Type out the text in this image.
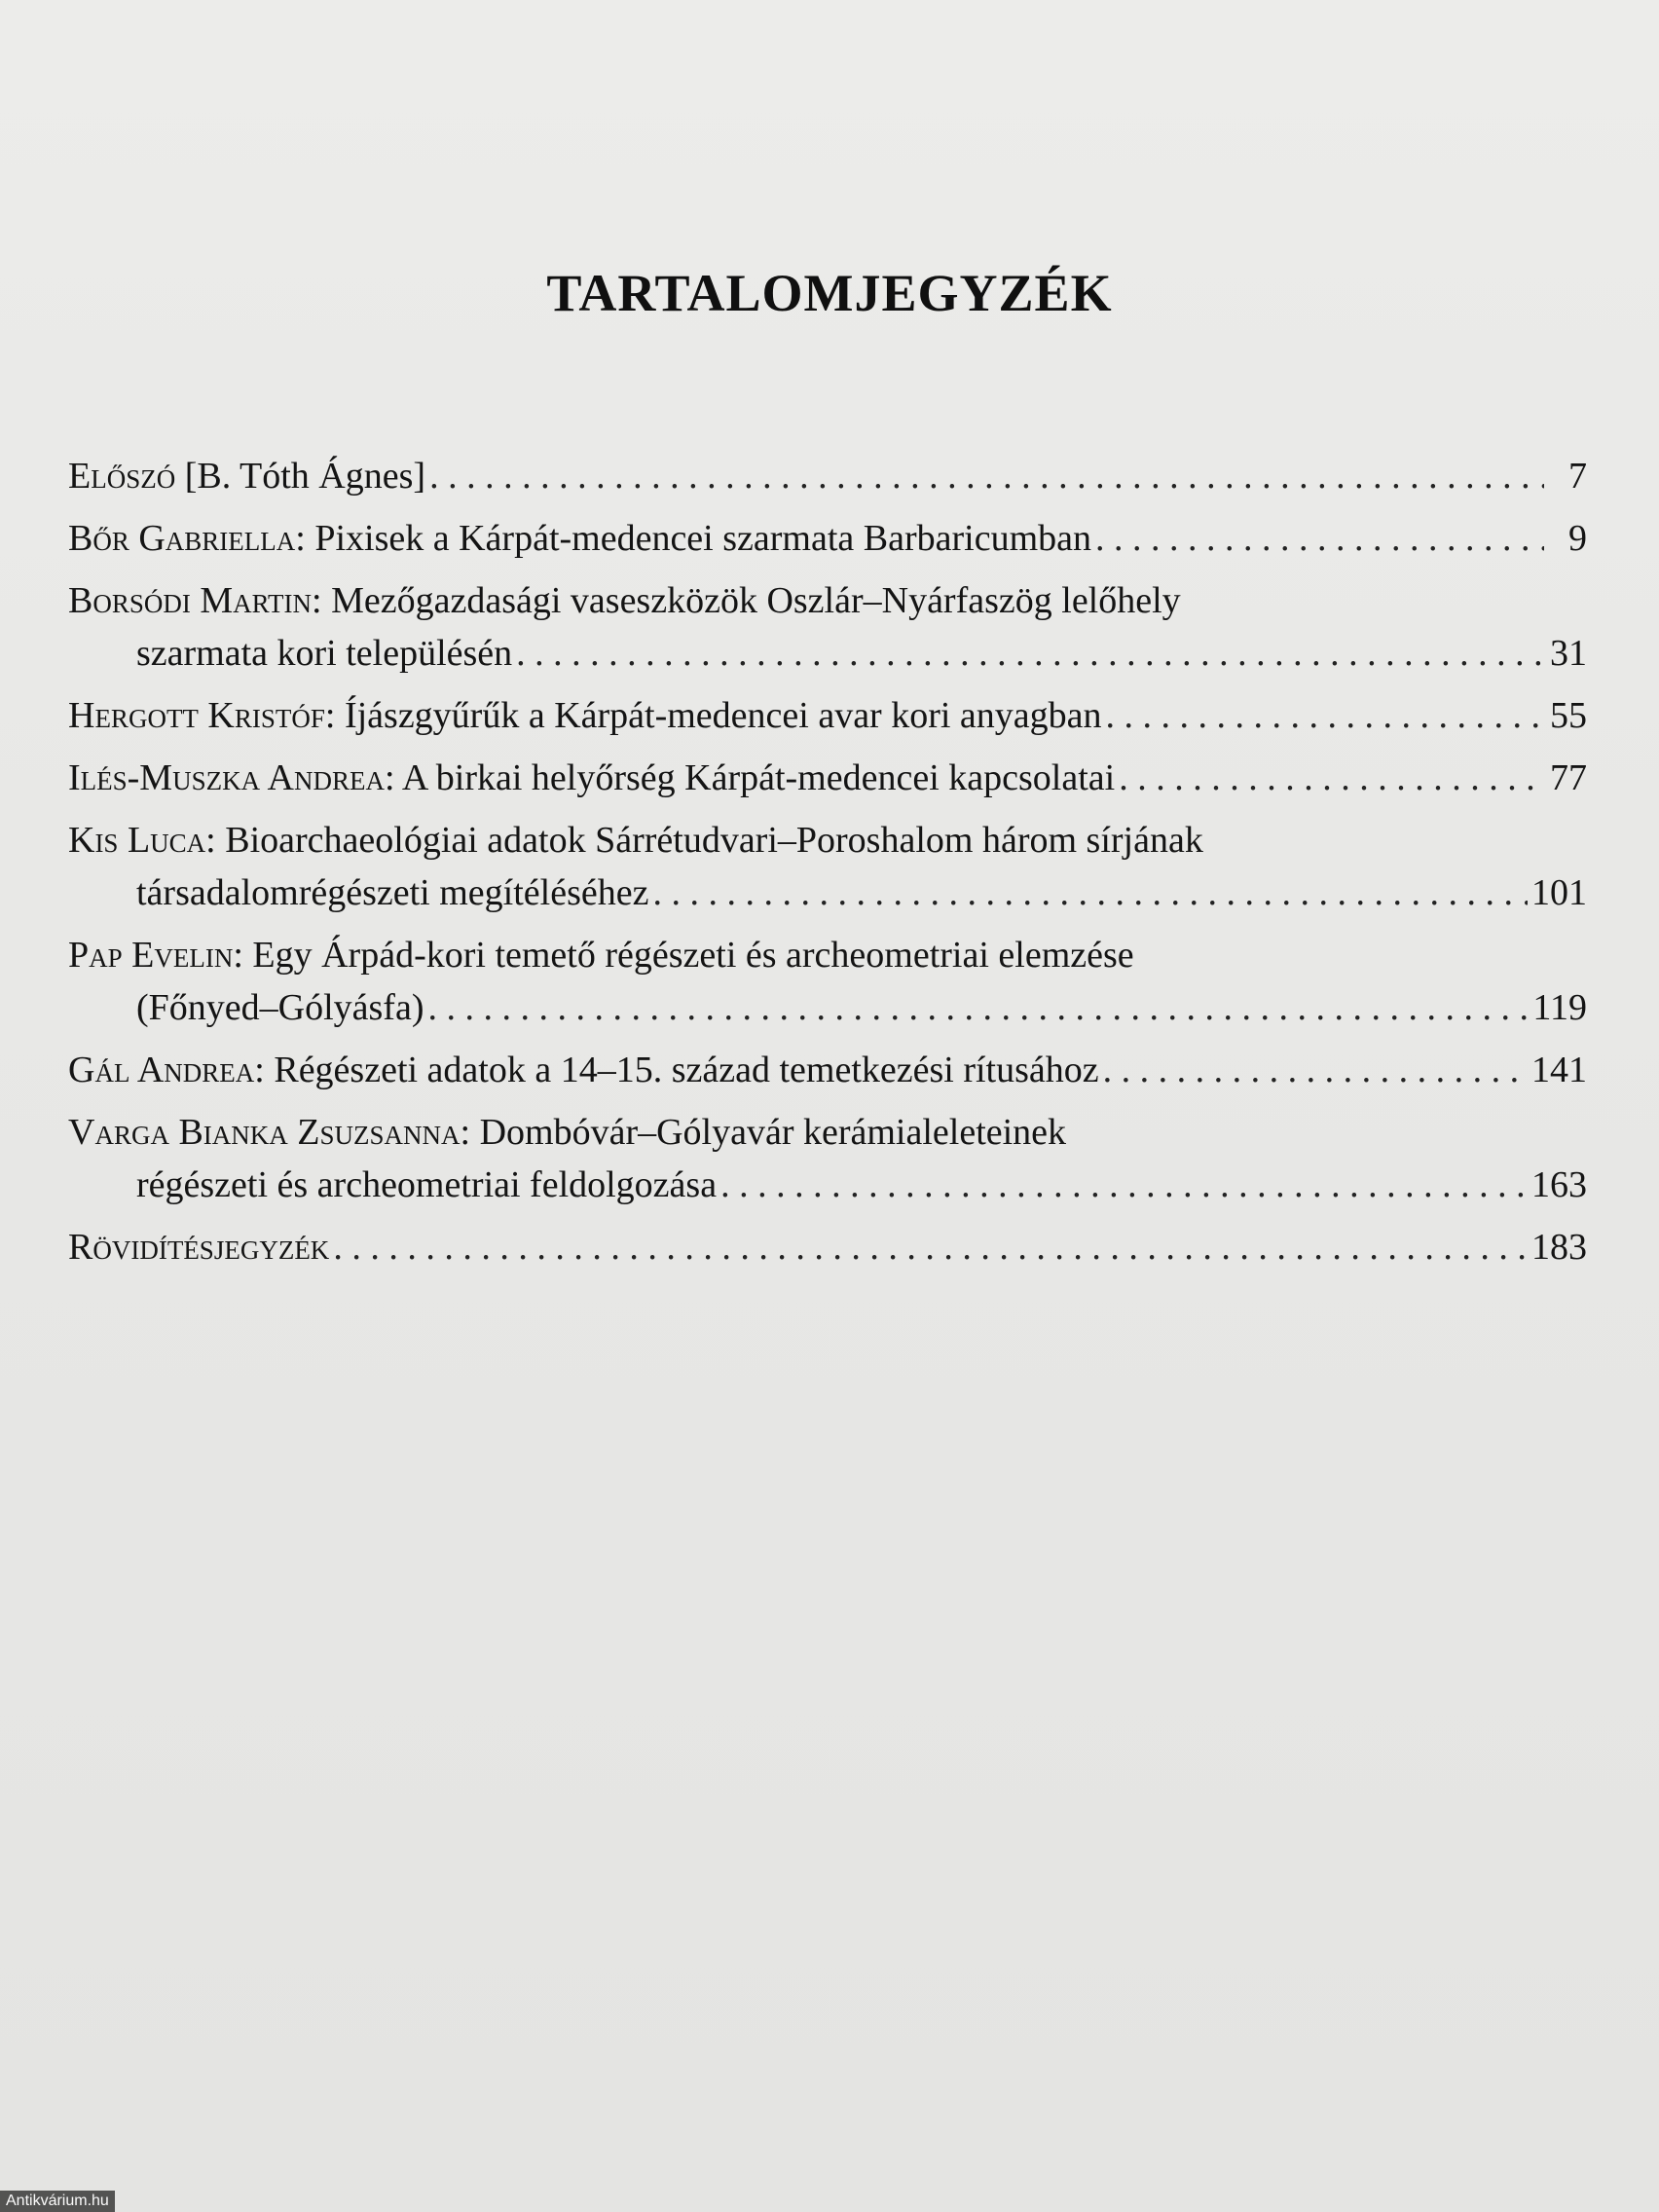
TARTALOMJEGYZÉK
Előszó [B. Tóth Ágnes] . . .	7
Bőr Gabriella: Pixisek a Kárpát-medencei szarmata Barbaricumban . . .	9
Borsódi Martin: Mezőgazdasági vaseszközök Oszlár–Nyárfaszög lelőhely
szarmata kori településén . . .	31
Hergott Kristóf: Íjászgyűrűk a Kárpát-medencei avar kori anyagban . . .	55
Ilés-Muszka Andrea: A birkai helyőrség Kárpát-medencei kapcsolatai . . .	77
Kis Luca: Bioarchaeológiai adatok Sárrétudvari–Poroshalom három sírjának
társadalomrégészeti megítéléséhez . . .	101
Pap Evelin: Egy Árpád-kori temető régészeti és archeometriai elemzése
(Főnyed–Gólyásfa) . . .	119
Gál Andrea: Régészeti adatok a 14–15. század temetkezési rítusához . . .	141
Varga Bianka Zsuzsanna: Dombóvár–Gólyavár kerámialeleteinek
régészeti és archeometriai feldolgozása . . .	163
Rövidítésjegyzék . . .	183
Antikvárium.hu
